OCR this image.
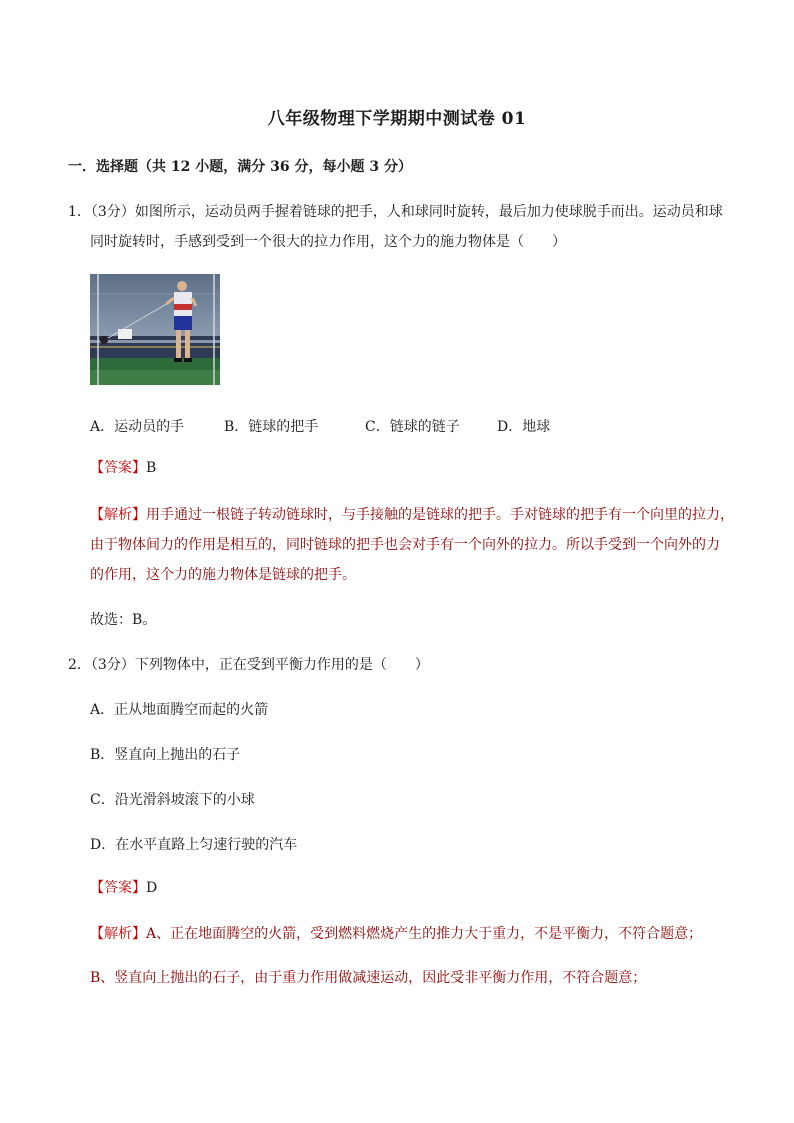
八年级物理下学期期中测试卷 01
一．选择题（共 12 小题，满分 36 分，每小题 3 分）
1．（3分）如图所示，运动员两手握着链球的把手，人和球同时旋转，最后加力使球脱手而出。运动员和球
同时旋转时，手感到受到一个很大的拉力作用，这个力的施力物体是（　　）
A．运动员的手	B．链球的把手	C．链球的链子	D．地球
【答案】B
【解析】用手通过一根链子转动链球时，与手接触的是链球的把手。手对链球的把手有一个向里的拉力，
由于物体间力的作用是相互的，同时链球的把手也会对手有一个向外的拉力。所以手受到一个向外的力
的作用，这个力的施力物体是链球的把手。
故选：B。
2．（3分）下列物体中，正在受到平衡力作用的是（　　）
A．正从地面腾空而起的火箭
B．竖直向上抛出的石子
C．沿光滑斜坡滚下的小球
D．在水平直路上匀速行驶的汽车
【答案】D
【解析】A、正在地面腾空的火箭，受到燃料燃烧产生的推力大于重力，不是平衡力，不符合题意；
B、竖直向上抛出的石子，由于重力作用做减速运动，因此受非平衡力作用，不符合题意；
